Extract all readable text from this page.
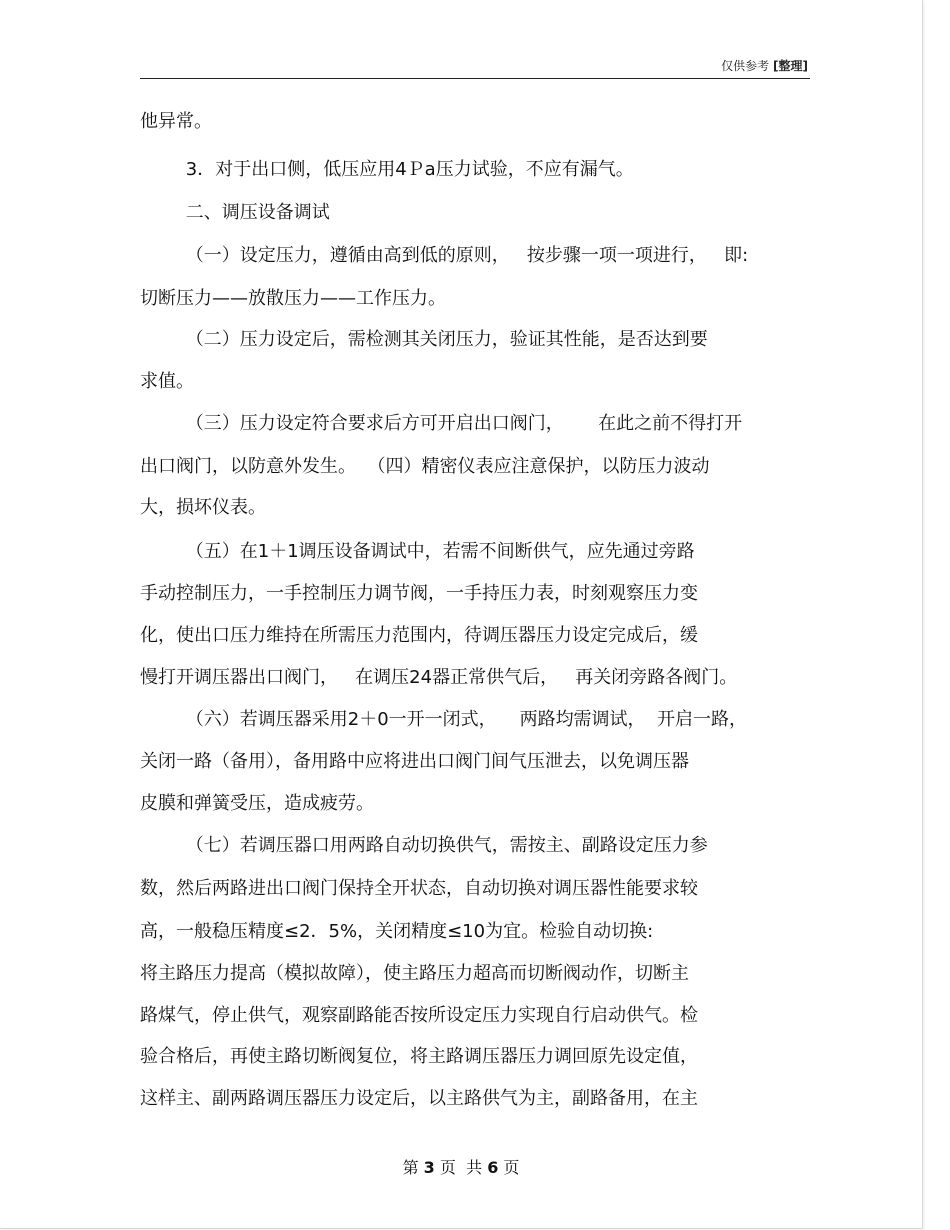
仅供参考 [整理]
他异常。
3．对于出口侧，低压应用4Ｐa压力试验，不应有漏气。
二、调压设备调试
（一）设定压力，遵循由高到低的原则，   按步骤一项一项进行，   即:
切断压力——放散压力——工作压力。
（二）压力设定后，需检测其关闭压力，验证其性能，是否达到要
求值。
（三）压力设定符合要求后方可开启出口阀门，      在此之前不得打开
出口阀门，以防意外发生。  （四）精密仪表应注意保护，以防压力波动
大，损坏仪表。
（五）在1＋1调压设备调试中，若需不间断供气，应先通过旁路
手动控制压力，一手控制压力调节阀，一手持压力表，时刻观察压力变
化，使出口压力维持在所需压力范围内，待调压器压力设定完成后，缓
慢打开调压器出口阀门，   在调压24器正常供气后，   再关闭旁路各阀门。
（六）若调压器采用2＋0一开一闭式，    两路均需调试，  开启一路，
关闭一路（备用），备用路中应将进出口阀门间气压泄去，以免调压器
皮膜和弹簧受压，造成疲劳。
（七）若调压器口用两路自动切换供气，需按主、副路设定压力参
数，然后两路进出口阀门保持全开状态，自动切换对调压器性能要求较
高，一般稳压精度≤2．5%，关闭精度≤10为宜。检验自动切换:
将主路压力提高（模拟故障），使主路压力超高而切断阀动作，切断主
路煤气，停止供气，观察副路能否按所设定压力实现自行启动供气。检
验合格后，再使主路切断阀复位，将主路调压器压力调回原先设定值，
这样主、副两路调压器压力设定后，以主路供气为主，副路备用，在主
第 3 页  共 6 页
